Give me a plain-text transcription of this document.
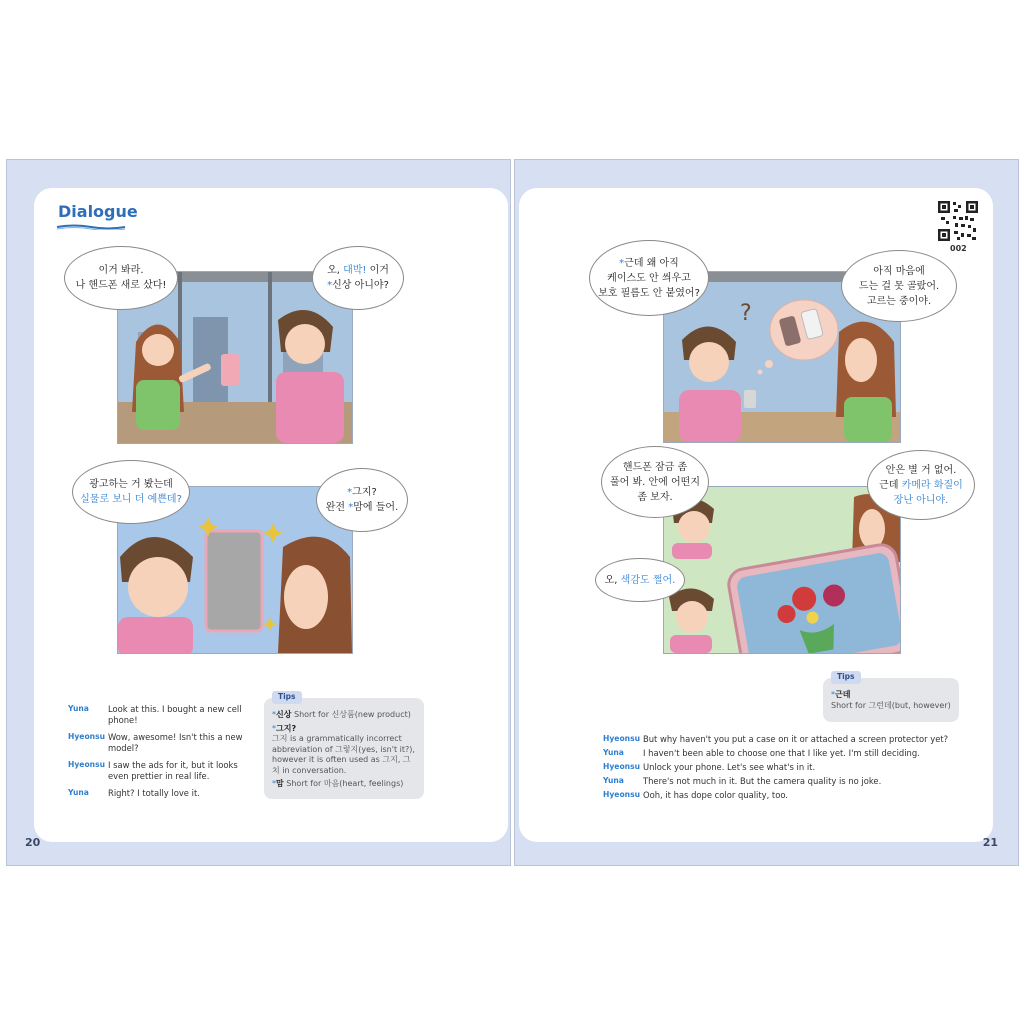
Dialogue
이거 봐라.
나 핸드폰 새로 샀다!
오, 대박! 이거
*신상 아니야?
광고하는 거 봤는데
실물로 보니 더 예쁜데?
*그지?
완전 *맘에 들어.
Yuna	Look at this. I bought a new cell phone!
Hyeonsu Wow, awesome! Isn't this a new model?
Hyeonsu I saw the ads for it, but it looks even prettier in real life.
Yuna	Right? I totally love it.
Tips
*신상 Short for 신상품(new product)
*그지?
그지 is a grammatically incorrect abbreviation of 그렇지(yes, isn't it?), however it is often used as 그지, 그치 in conversation.
*맘 Short for 마음(heart, feelings)
20
002
?
*근데 왜 아직
케이스도 안 씌우고
보호 필름도 안 붙였어?
아직 마음에
드는 걸 못 골랐어.
고르는 중이야.
핸드폰 잠금 좀
풀어 봐. 안에 어떤지
좀 보자.
안은 별 거 없어.
근데 카메라 화질이
장난 아니야.
오, 색감도 쩔어.
Tips
*근데
Short for 그런데(but, however)
Hyeonsu But why haven't you put a case on it or attached a screen protector yet?
Yuna	I haven't been able to choose one that I like yet. I'm still deciding.
Hyeonsu Unlock your phone. Let's see what's in it.
Yuna	There's not much in it. But the camera quality is no joke.
Hyeonsu Ooh, it has dope color quality, too.
21
